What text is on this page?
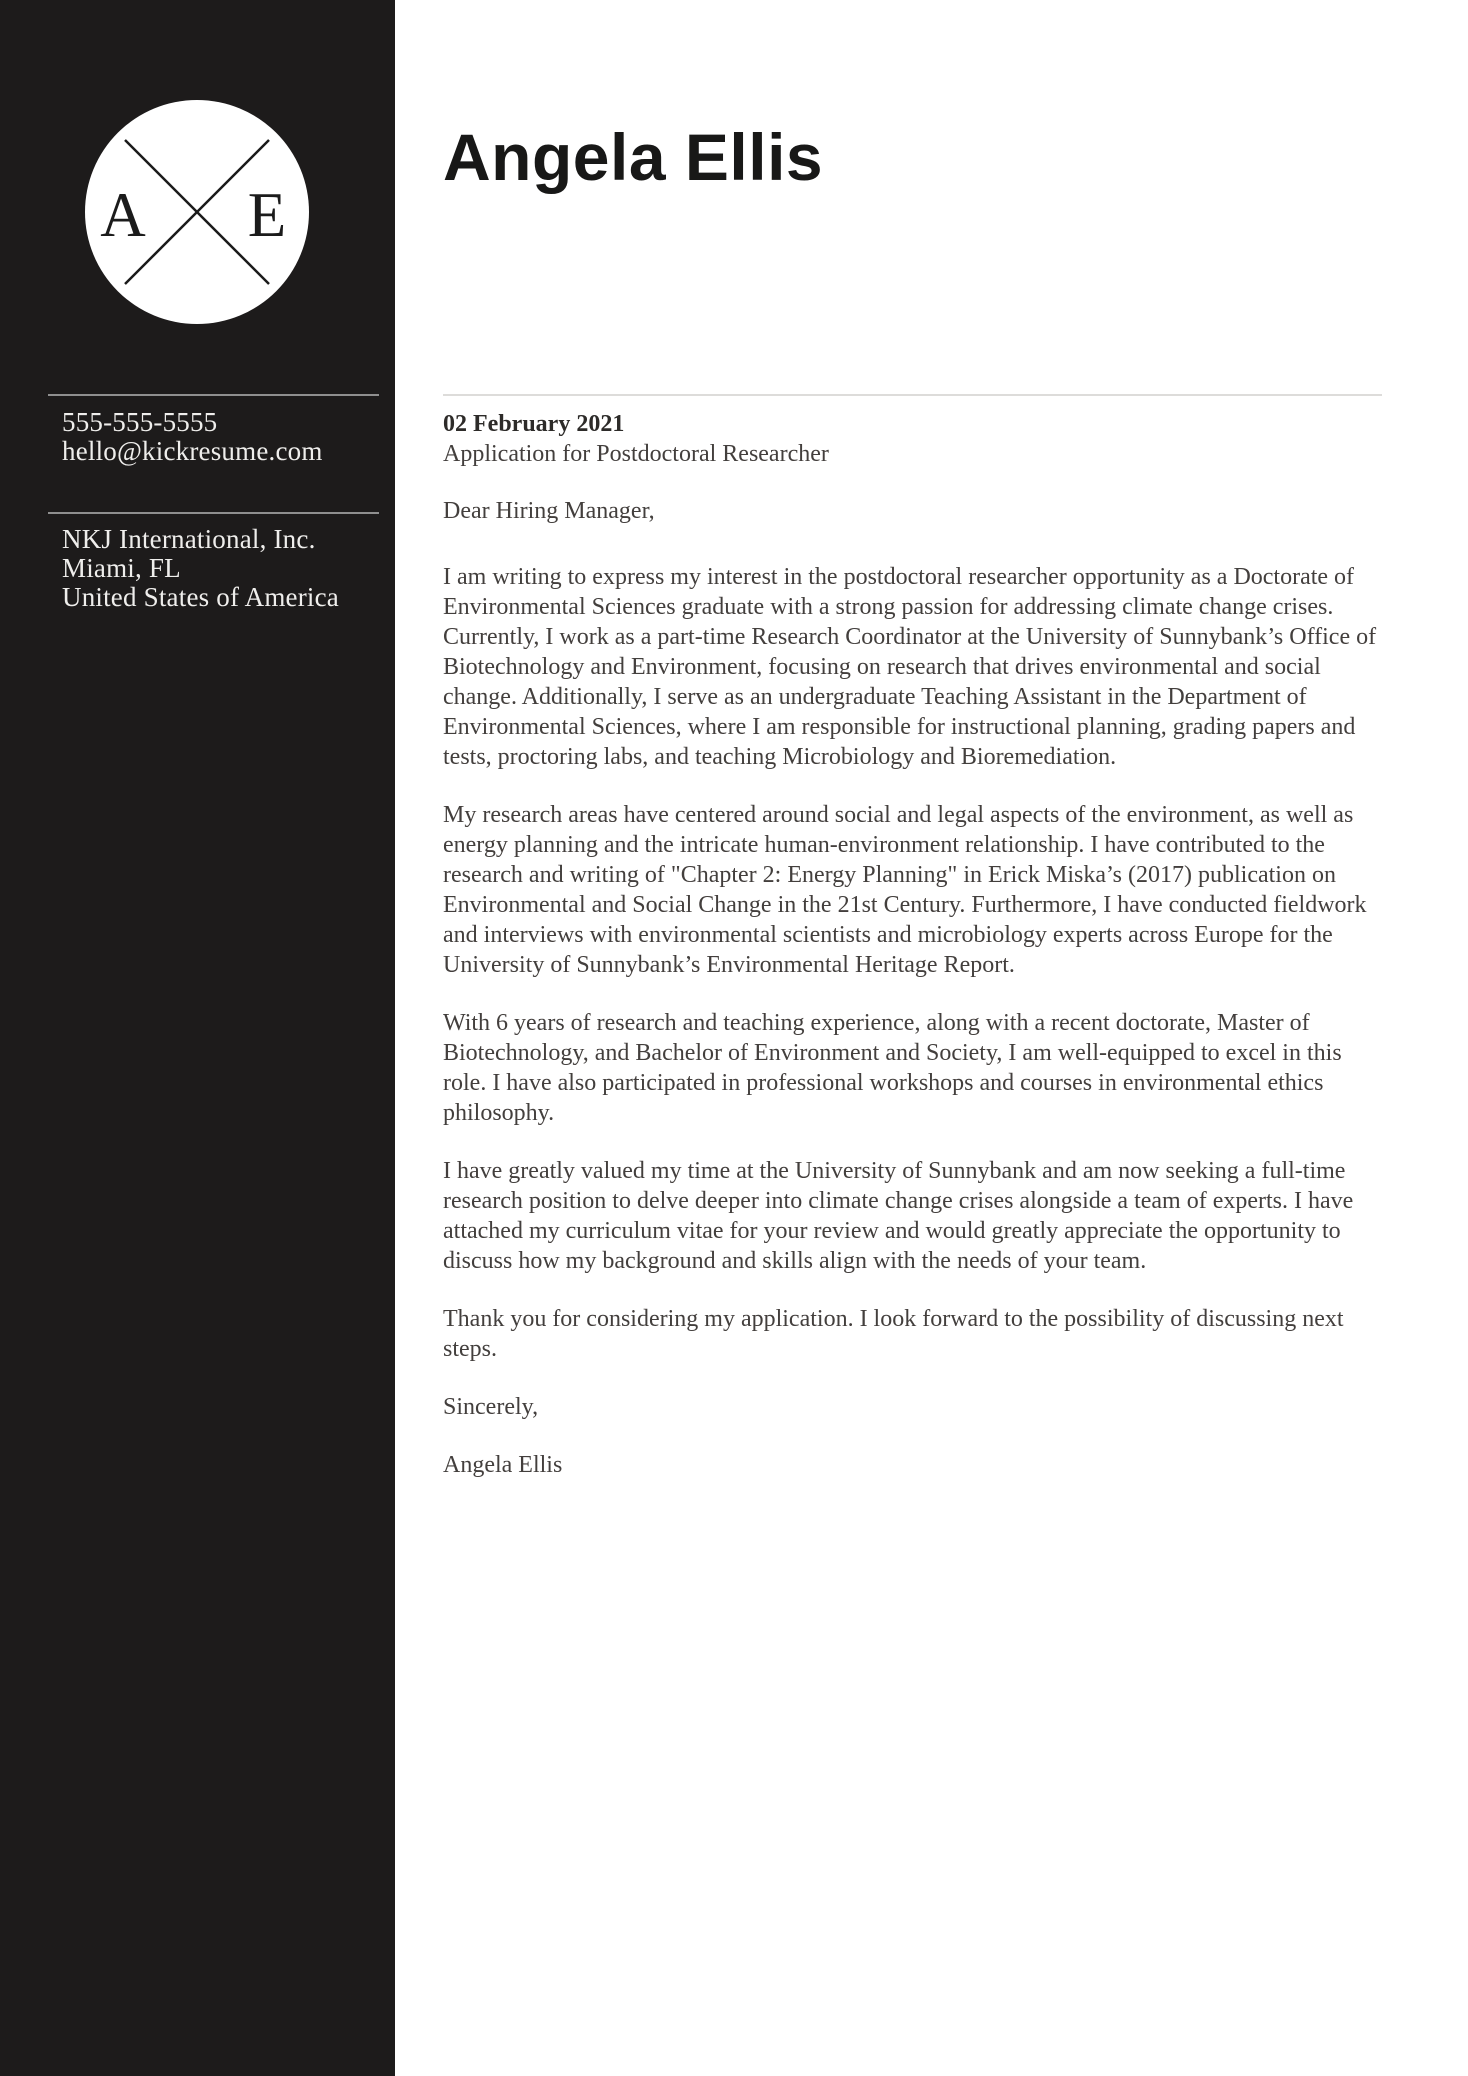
A E
555-555-5555
hello@kickresume.com
NKJ International, Inc.
Miami, FL
United States of America
Angela Ellis
02 February 2021
Application for Postdoctoral Researcher

Dear Hiring Manager,

I am writing to express my interest in the postdoctoral researcher opportunity as a Doctorate of Environmental Sciences graduate with a strong passion for addressing climate change crises. Currently, I work as a part-time Research Coordinator at the University of Sunnybank’s Office of Biotechnology and Environment, focusing on research that drives environmental and social change. Additionally, I serve as an undergraduate Teaching Assistant in the Department of Environmental Sciences, where I am responsible for instructional planning, grading papers and tests, proctoring labs, and teaching Microbiology and Bioremediation.

My research areas have centered around social and legal aspects of the environment, as well as energy planning and the intricate human-environment relationship. I have contributed to the research and writing of "Chapter 2: Energy Planning" in Erick Miska’s (2017) publication on Environmental and Social Change in the 21st Century. Furthermore, I have conducted fieldwork and interviews with environmental scientists and microbiology experts across Europe for the University of Sunnybank’s Environmental Heritage Report.

With 6 years of research and teaching experience, along with a recent doctorate, Master of Biotechnology, and Bachelor of Environment and Society, I am well-equipped to excel in this role. I have also participated in professional workshops and courses in environmental ethics philosophy.

I have greatly valued my time at the University of Sunnybank and am now seeking a full-time research position to delve deeper into climate change crises alongside a team of experts. I have attached my curriculum vitae for your review and would greatly appreciate the opportunity to discuss how my background and skills align with the needs of your team.

Thank you for considering my application. I look forward to the possibility of discussing next steps.

Sincerely,

Angela Ellis
